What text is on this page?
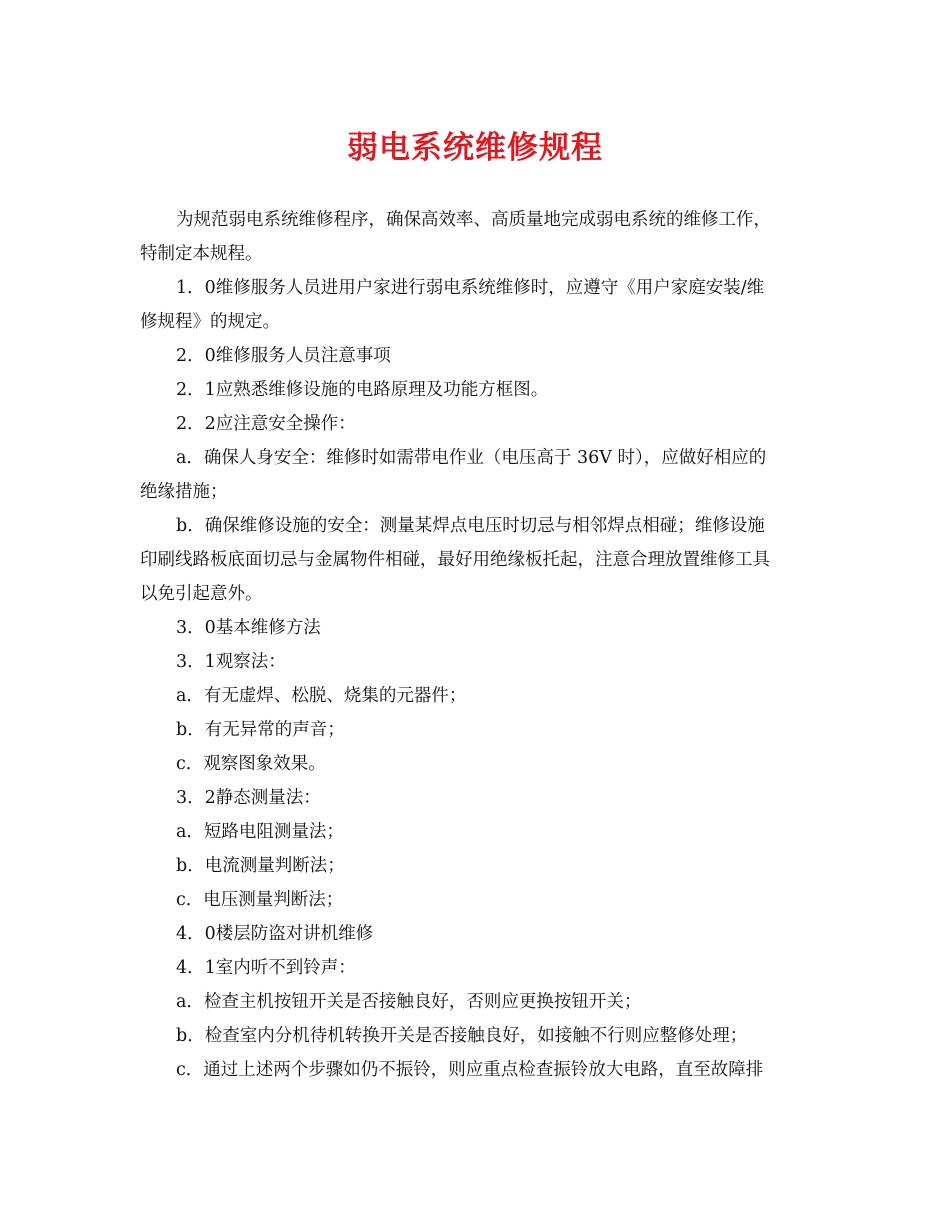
弱电系统维修规程
为规范弱电系统维修程序，确保高效率、高质量地完成弱电系统的维修工作，
特制定本规程。
1．0维修服务人员进用户家进行弱电系统维修时，应遵守《用户家庭安装/维
修规程》的规定。
2．0维修服务人员注意事项
2．1应熟悉维修设施的电路原理及功能方框图。
2．2应注意安全操作：
a．确保人身安全：维修时如需带电作业（电压高于 36V 时），应做好相应的
绝缘措施；
b．确保维修设施的安全：测量某焊点电压时切忌与相邻焊点相碰；维修设施
印刷线路板底面切忌与金属物件相碰，最好用绝缘板托起，注意合理放置维修工具
以免引起意外。
3．0基本维修方法
3．1观察法：
a．有无虚焊、松脱、烧集的元器件；
b．有无异常的声音；
c．观察图象效果。
3．2静态测量法：
a．短路电阻测量法；
b．电流测量判断法；
c．电压测量判断法；
4．0楼层防盗对讲机维修
4．1室内听不到铃声：
a．检查主机按钮开关是否接触良好，否则应更换按钮开关；
b．检查室内分机待机转换开关是否接触良好，如接触不行则应整修处理；
c．通过上述两个步骤如仍不振铃，则应重点检查振铃放大电路，直至故障排
